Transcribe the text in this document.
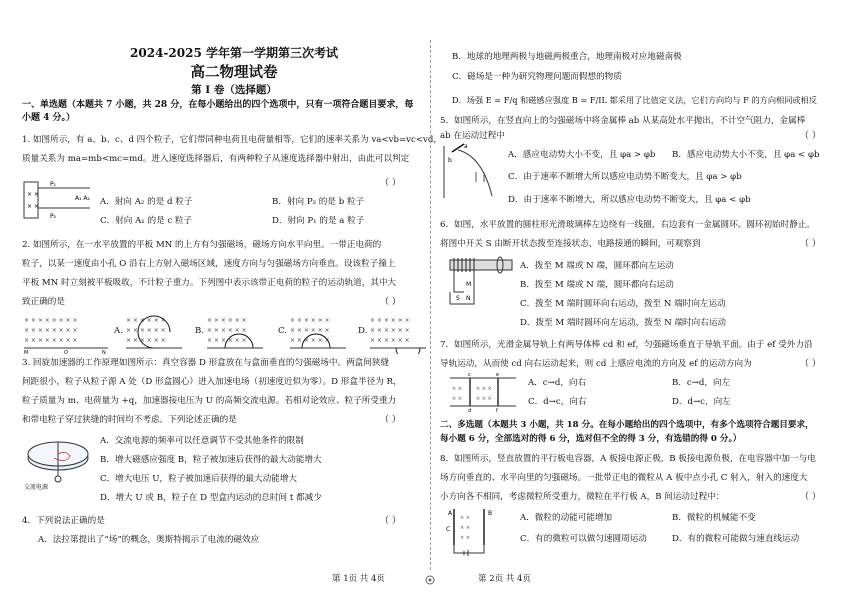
2024-2025 学年第一学期第三次考试
高二物理试卷
第 I 卷（选择题）
一、单选题（本题共 7 小题，共 28 分，在每小题给出的四个选项中，只有一项符合题目要求，每
小题 4 分。）
1. 如图所示，有 a、b、c、d 四个粒子，它们带同种电荷且电荷量相等，它们的速率关系为 va<vb=vc<vd，
质量关系为 ma=mb<mc=md。进入速度选择器后，有两种粒子从速度选择器中射出，由此可以判定
（ ）
× ×
× ×
P₁
P₂
A₁ A₂ A．射向 A₂ 的是 d 粒子	B．射向 P₂ 的是 b 粒子
C．射向 A₁ 的是 c 粒子	D．射向 P₁ 的是 a 粒子
2. 如图所示，在一水平放置的平板 MN 的上方有匀强磁场，磁场方向水平向里。一带正电荷的
粒子，以某一速度由小孔 O 沿右上方射入磁场区域，速度方向与匀强磁场方向垂直。设该粒子撞上
平板 MN 时立刻被平板吸收，不计粒子重力。下列图中表示该带正电荷的粒子的运动轨道，其中大
致正确的是	（ ）
× × × × × × × ×
× × × × × × × ×
× × × × × × × ×
M	O	N
A.
× × × × × ×
× × × × × ×
× × × × × ×
B.
× × × × × ×
× × × × × ×
× × × × × ×
C.
× × × × × ×
× × × × × ×
× × × × × ×
D.
× × × × × ×
× × × × × ×
× × × × × ×
3. 回旋加速器的工作原理如图所示：真空容器 D 形盒放在与盒面垂直的匀强磁场中。两盒间狭缝
间距很小，粒子从粒子源 A 处（D 形盒圆心）进入加速电场（初速度近似为零）。D 形盒半径为 R，
粒子质量为 m、电荷量为 +q，加速器接电压为 U 的高频交流电源。若相对论效应、粒子所受重力
和带电粒子穿过狭缝的时间均不考虑。下列论述正确的是	（ ）
交流电源
A．交流电源的频率可以任意调节不受其他条件的限制
B．增大磁感应强度 B，粒子被加速后获得的最大动能增大
C．增大电压 U，粒子被加速后获得的最大动能增大
D．增大 U 或 B，粒子在 D 型盒内运动的总时间 t 都减少
4．下列说法正确的是	（ ）
A．法拉第提出了“场”的概念，奥斯特揭示了电流的磁效应
B．地球的地理两极与地磁两极重合，地理南极对应地磁南极
C．磁场是一种为研究物理问题而假想的物质
D．场强 E = F/q 和磁感应强度 B = F/IL 都采用了比值定义法，它们方向均与 F 的方向相同或相反
5．如图所示，在竖直向上的匀强磁场中将金属棒 ab 从某高处水平抛出，不计空气阻力，金属棒
ab 在运动过程中	（ ）
b
a
A．感应电动势大小不变，且 φa > φb B．感应电动势大小不变，且 φa < φb
C．由于速率不断增大所以感应电动势不断变大，且 φa > φb
D．由于速率不断增大，所以感应电动势不断变大，且 φa < φb
6．如图，水平放置的圆柱形光滑玻璃棒左边绕有一线圈，右边套有一金属圆环。圆环初始时静止。
将图中开关 S 由断开状态拨至连接状态，电路接通的瞬间，可观察到	（ ）
M
N
S
A．拨至 M 端或 N 端，圆环都向左运动
B．拨至 M 端或 N 端，圆环都向右运动
C．拨至 M 端时圆环向右运动，拨至 N 端时向左运动
D．拨至 M 端时圆环向左运动，拨至 N 端时向右运动
7．如图所示，光滑金属导轨上有两导体棒 cd 和 ef，匀强磁场垂直于导轨平面。由于 ef 受外力沿
导轨运动，从而使 cd 向右运动起来，则 cd 上感应电流的方向及 ef 的运动方向为	（ ）
× ×	× × ×
× ×	× × ×
c
d
e
f
A．c→d，向右	B．c→d，向左
C．d→c，向右	D．d→c，向左
二、多选题（本题共 3 小题，共 18 分。在每小题给出的四个选项中，有多个选项符合题目要求，
每小题 6 分，全部选对的得 6 分，选对但不全的得 3 分，有选错的得 0 分。）
8．如图所示，竖直放置的平行板电容器，A 板接电源正极，B 板接电源负极，在电容器中加一与电
场方向垂直的、水平向里的匀强磁场。一批带正电的微粒从 A 板中点小孔 C 射入，射入的速度大
小方向各不相同，考虑微粒所受重力，微粒在平行板 A，B 间运动过程中：	（ ）
× ×
× ×
× ×
A	B
C
A．微粒的动能可能增加	B．微粒的机械能不变
C．有的微粒可以做匀速圆周运动	D．有的微粒可能做匀速直线运动
第 1页 共 4页	第 2页 共 4页
